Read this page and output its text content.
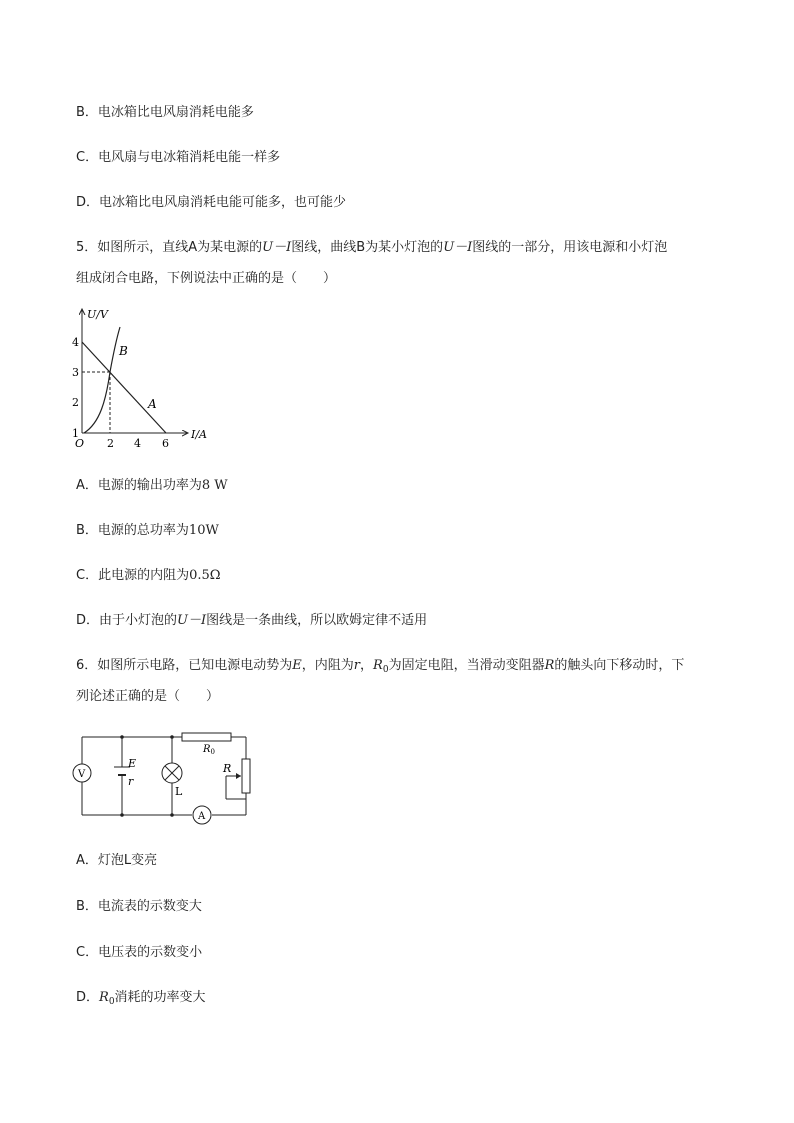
B．电冰箱比电风扇消耗电能多
C．电风扇与电冰箱消耗电能一样多
D．电冰箱比电风扇消耗电能可能多，也可能少
5．如图所示，直线A为某电源的U－I图线，曲线B为某小灯泡的U－I图线的一部分，用该电源和小灯泡
组成闭合电路，下例说法中正确的是（　　）
U/V
I/A
O
1
2
3
4
2 4 6
B
A
A．电源的输出功率为8 W
B．电源的总功率为10W
C．此电源的内阻为0.5Ω
D．由于小灯泡的U－I图线是一条曲线，所以欧姆定律不适用
6．如图所示电路，已知电源电动势为E，内阻为r，$R_0$为固定电阻，当滑动变阻器R的触头向下移动时，下
列论述正确的是（　　）
V
E
r
L
$R_0$
R
A
A．灯泡L变亮
B．电流表的示数变大
C．电压表的示数变小
D．$R_0$消耗的功率变大
